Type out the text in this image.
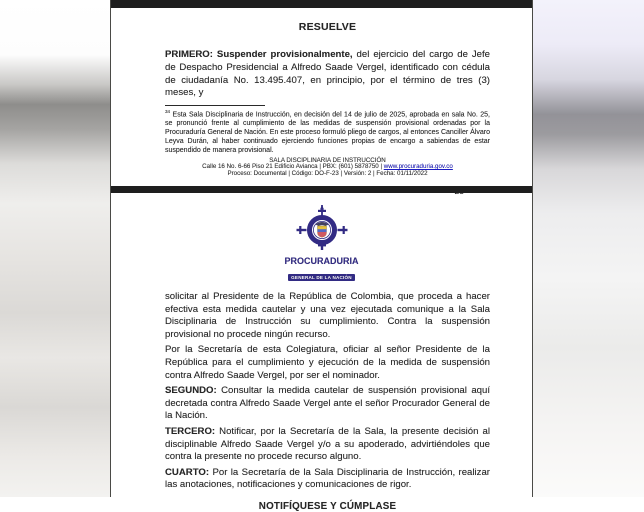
RESUELVE

PRIMERO: Suspender provisionalmente, del ejercicio del cargo de Jefe de Despacho Presidencial a Alfredo Saade Vergel, identificado con cédula de ciudadanía No. 13.495.407, en principio, por el término de tres (3) meses, y

$^{34}$ Esta Sala Disciplinaria de Instrucción, en decisión del 14 de julio de 2025, aprobada en sala No. 25, se pronunció frente al cumplimiento de las medidas de suspensión provisional ordenadas por la Procuraduría General de Nación. En este proceso formuló pliego de cargos, al entonces Canciller Álvaro Leyva Durán, al haber continuado ejerciendo funciones propias de encargo a sabiendas de estar suspendido de manera provisional.

SALA DISCIPLINARIA DE INSTRUCCIÓN
Calle 16 No. 6-66 Piso 21 Edificio Avianca | PBX: (601) 5878750 | www.procuraduria.gov.co
Proceso: Documental | Código: DO-F-23 | Versión: 2 | Fecha: 01/11/2022
PROCURADURIA
GENERAL DE LA NACIÓN

solicitar al Presidente de la República de Colombia, que proceda a hacer efectiva esta medida cautelar y una vez ejecutada comunique a la Sala Disciplinaria de Instrucción su cumplimiento. Contra la suspensión provisional no procede ningún recurso.

Por la Secretaría de esta Colegiatura, oficiar al señor Presidente de la República para el cumplimiento y ejecución de la medida de suspensión contra Alfredo Saade Vergel, por ser el nominador.

SEGUNDO: Consultar la medida cautelar de suspensión provisional aquí decretada contra Alfredo Saade Vergel ante el señor Procurador General de la Nación.

TERCERO: Notificar, por la Secretaría de la Sala, la presente decisión al disciplinable Alfredo Saade Vergel y/o a su apoderado, advirtiéndoles que contra la presente no procede recurso alguno.

CUARTO: Por la Secretaría de la Sala Disciplinaria de Instrucción, realizar las anotaciones, notificaciones y comunicaciones de rigor.

NOTIFÍQUESE Y CÚMPLASE
